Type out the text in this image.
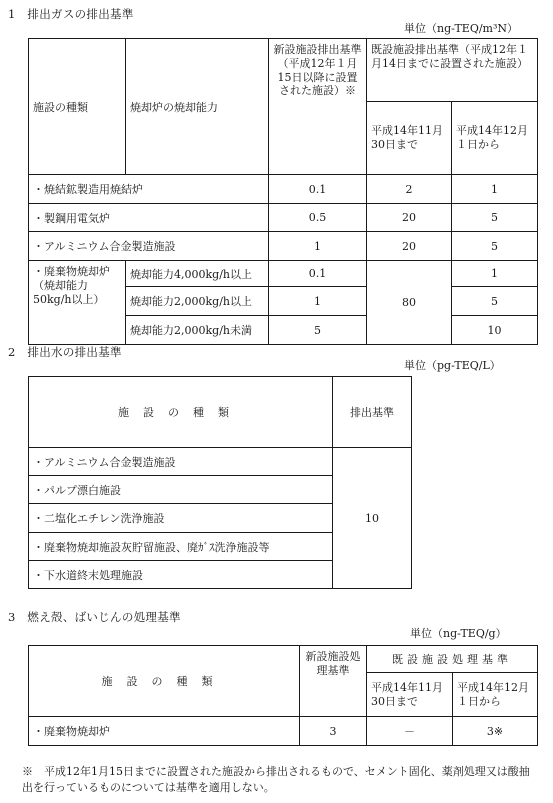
1　排出ガスの排出基準
単位（ng-TEQ/m³N）
施設の種類	焼却炉の焼却能力	新設施設排出基準（平成12年１月15日以降に設置された施設）※	既設施設排出基準（平成12年１月14日までに設置された施設）	
			平成14年11月30日まで	平成14年12月１日から
・焼結鉱製造用焼結炉		0.1	2	1
・製鋼用電気炉		0.5	20	5
・アルミニウム合金製造施設		1	20	5
・廃棄物焼却炉（焼却能力50kg/h以上）	焼却能力4,000kg/h以上	0.1	80	1
	焼却能力2,000kg/h以上	1		5
	焼却能力2,000kg/h未満	5		10
2　排出水の排出基準
単位（pg-TEQ/L）
施設の種類	排出基準
・アルミニウム合金製造施設	10
・パルプ漂白施設	
・二塩化エチレン洗浄施設	
・廃棄物焼却施設灰貯留施設、廃ｶﾞｽ洗浄施設等	
・下水道終末処理施設	
3　燃え殻、ばいじんの処理基準
単位（ng-TEQ/g）
施設の種類	新設施設処理基準	既設施設処理基準	
		平成14年11月30日まで	平成14年12月１日から
・廃棄物焼却炉	3	－	3※
※　平成12年1月15日までに設置された施設から排出されるもので、セメント固化、薬剤処理又は酸抽出を行っているものについては基準を適用しない。
